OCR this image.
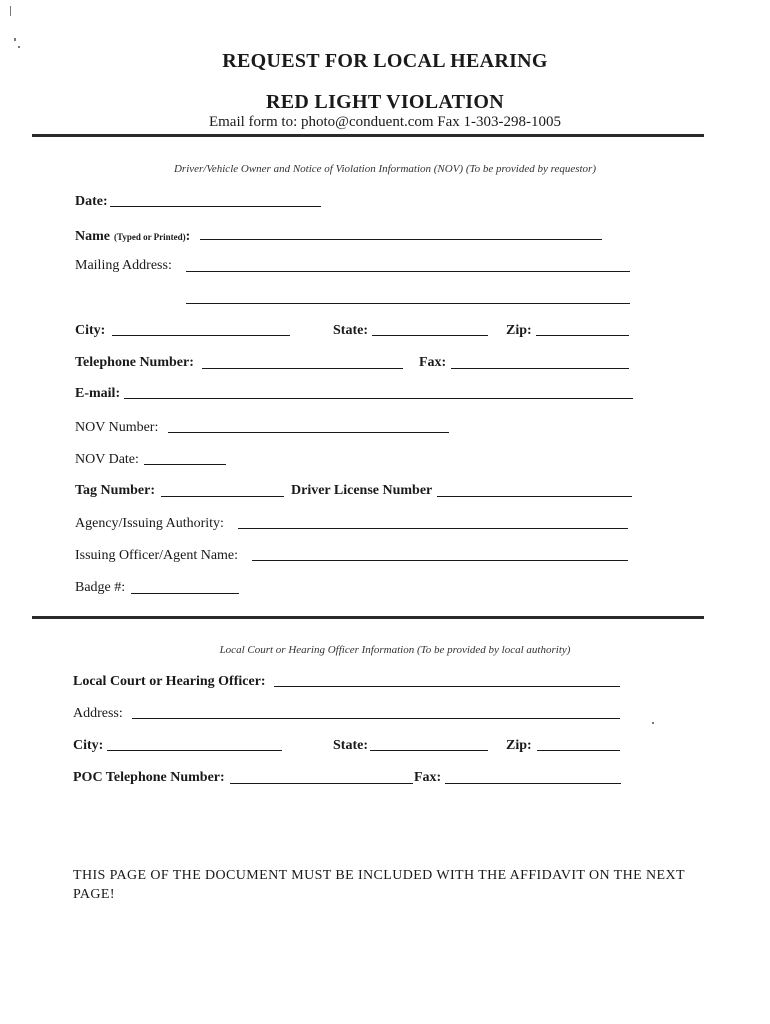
REQUEST FOR LOCAL HEARING
RED LIGHT VIOLATION
Email form to: photo@conduent.com Fax 1-303-298-1005
Driver/Vehicle Owner and Notice of Violation Information (NOV) (To be provided by requestor)
Date:
Name (Typed or Printed):
Mailing Address:
City:	State:	Zip:
Telephone Number:	Fax:
E-mail:
NOV Number:
NOV Date:
Tag Number:	Driver License Number
Agency/Issuing Authority:
Issuing Officer/Agent Name:
Badge #:
Local Court or Hearing Officer Information (To be provided by local authority)
Local Court or Hearing Officer:
Address:
City:	State:	Zip:
POC Telephone Number:	Fax:
THIS PAGE OF THE DOCUMENT MUST BE INCLUDED WITH THE AFFIDAVIT ON THE NEXT PAGE!
